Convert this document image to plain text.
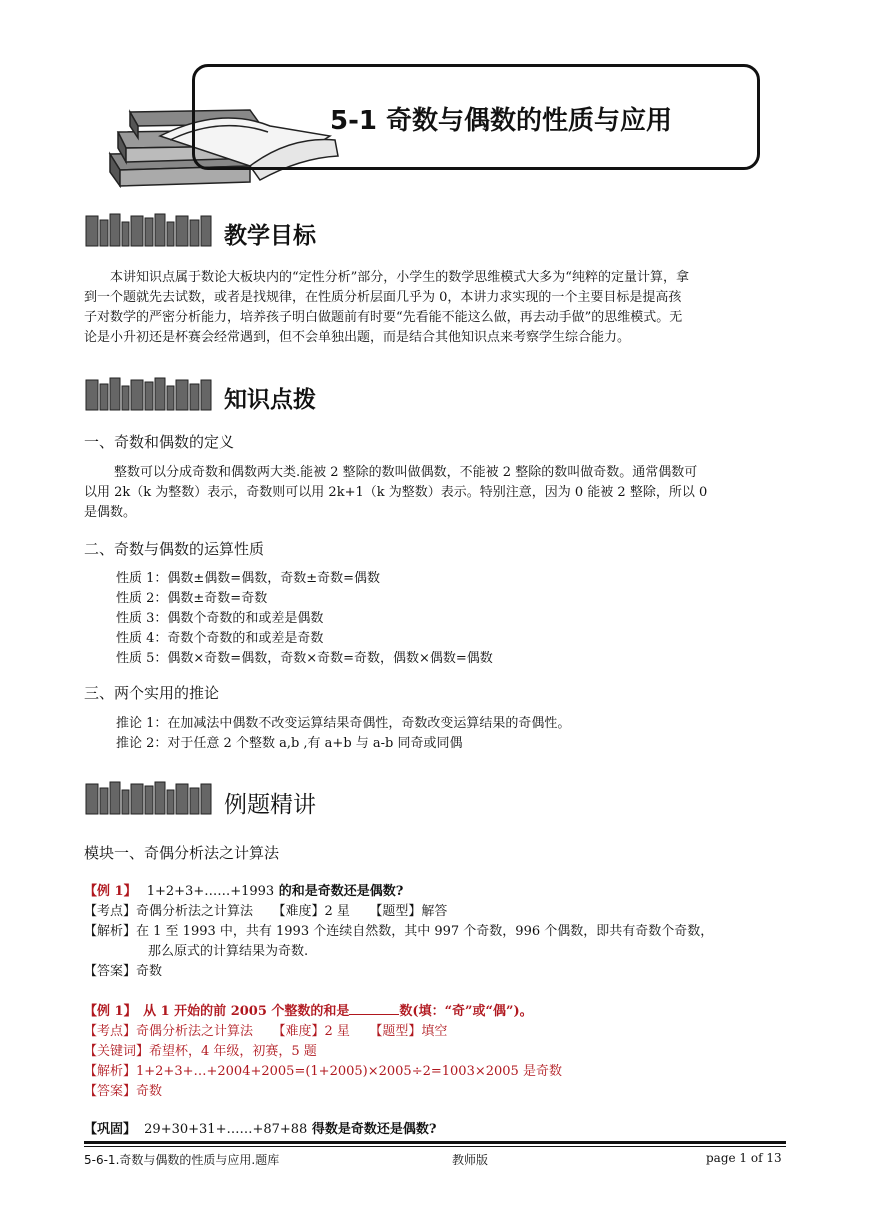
5-1 奇数与偶数的性质与应用
教学目标
本讲知识点属于数论大板块内的“定性分析”部分，小学生的数学思维模式大多为“纯粹的定量计算，拿
到一个题就先去试数，或者是找规律，在性质分析层面几乎为 0，本讲力求实现的一个主要目标是提高孩
子对数学的严密分析能力，培养孩子明白做题前有时要“先看能不能这么做，再去动手做”的思维模式。无
论是小升初还是杯赛会经常遇到，但不会单独出题，而是结合其他知识点来考察学生综合能力。
知识点拨
一、奇数和偶数的定义
整数可以分成奇数和偶数两大类.能被 2 整除的数叫做偶数，不能被 2 整除的数叫做奇数。通常偶数可
以用 2k（k 为整数）表示，奇数则可以用 2k+1（k 为整数）表示。特别注意，因为 0 能被 2 整除，所以 0
是偶数。
二、奇数与偶数的运算性质
性质 1：偶数±偶数=偶数，奇数±奇数=偶数
性质 2：偶数±奇数=奇数
性质 3：偶数个奇数的和或差是偶数
性质 4：奇数个奇数的和或差是奇数
性质 5：偶数×奇数=偶数，奇数×奇数=奇数，偶数×偶数=偶数
三、两个实用的推论
推论 1：在加减法中偶数不改变运算结果奇偶性，奇数改变运算结果的奇偶性。
推论 2：对于任意 2 个整数 a,b ,有 a+b 与 a-b 同奇或同偶
例题精讲
模块一、奇偶分析法之计算法
【例 1】 1+2+3+……+1993 的和是奇数还是偶数?
【考点】奇偶分析法之计算法　　【难度】2 星　　【题型】解答
【解析】在 1 至 1993 中，共有 1993 个连续自然数，其中 997 个奇数，996 个偶数，即共有奇数个奇数，
那么原式的计算结果为奇数.
【答案】奇数
【例 1】　从 1 开始的前 2005 个整数的和是	数(填：“奇”或“偶”)。
【考点】奇偶分析法之计算法　　【难度】2 星　　【题型】填空
【关键词】希望杯，4 年级，初赛，5 题
【解析】1+2+3+…+2004+2005=(1+2005)×2005÷2=1003×2005 是奇数
【答案】奇数
【巩固】 29+30+31+……+87+88 得数是奇数还是偶数?
5-6-1.奇数与偶数的性质与应用.题库	教师版	page 1 of 13
